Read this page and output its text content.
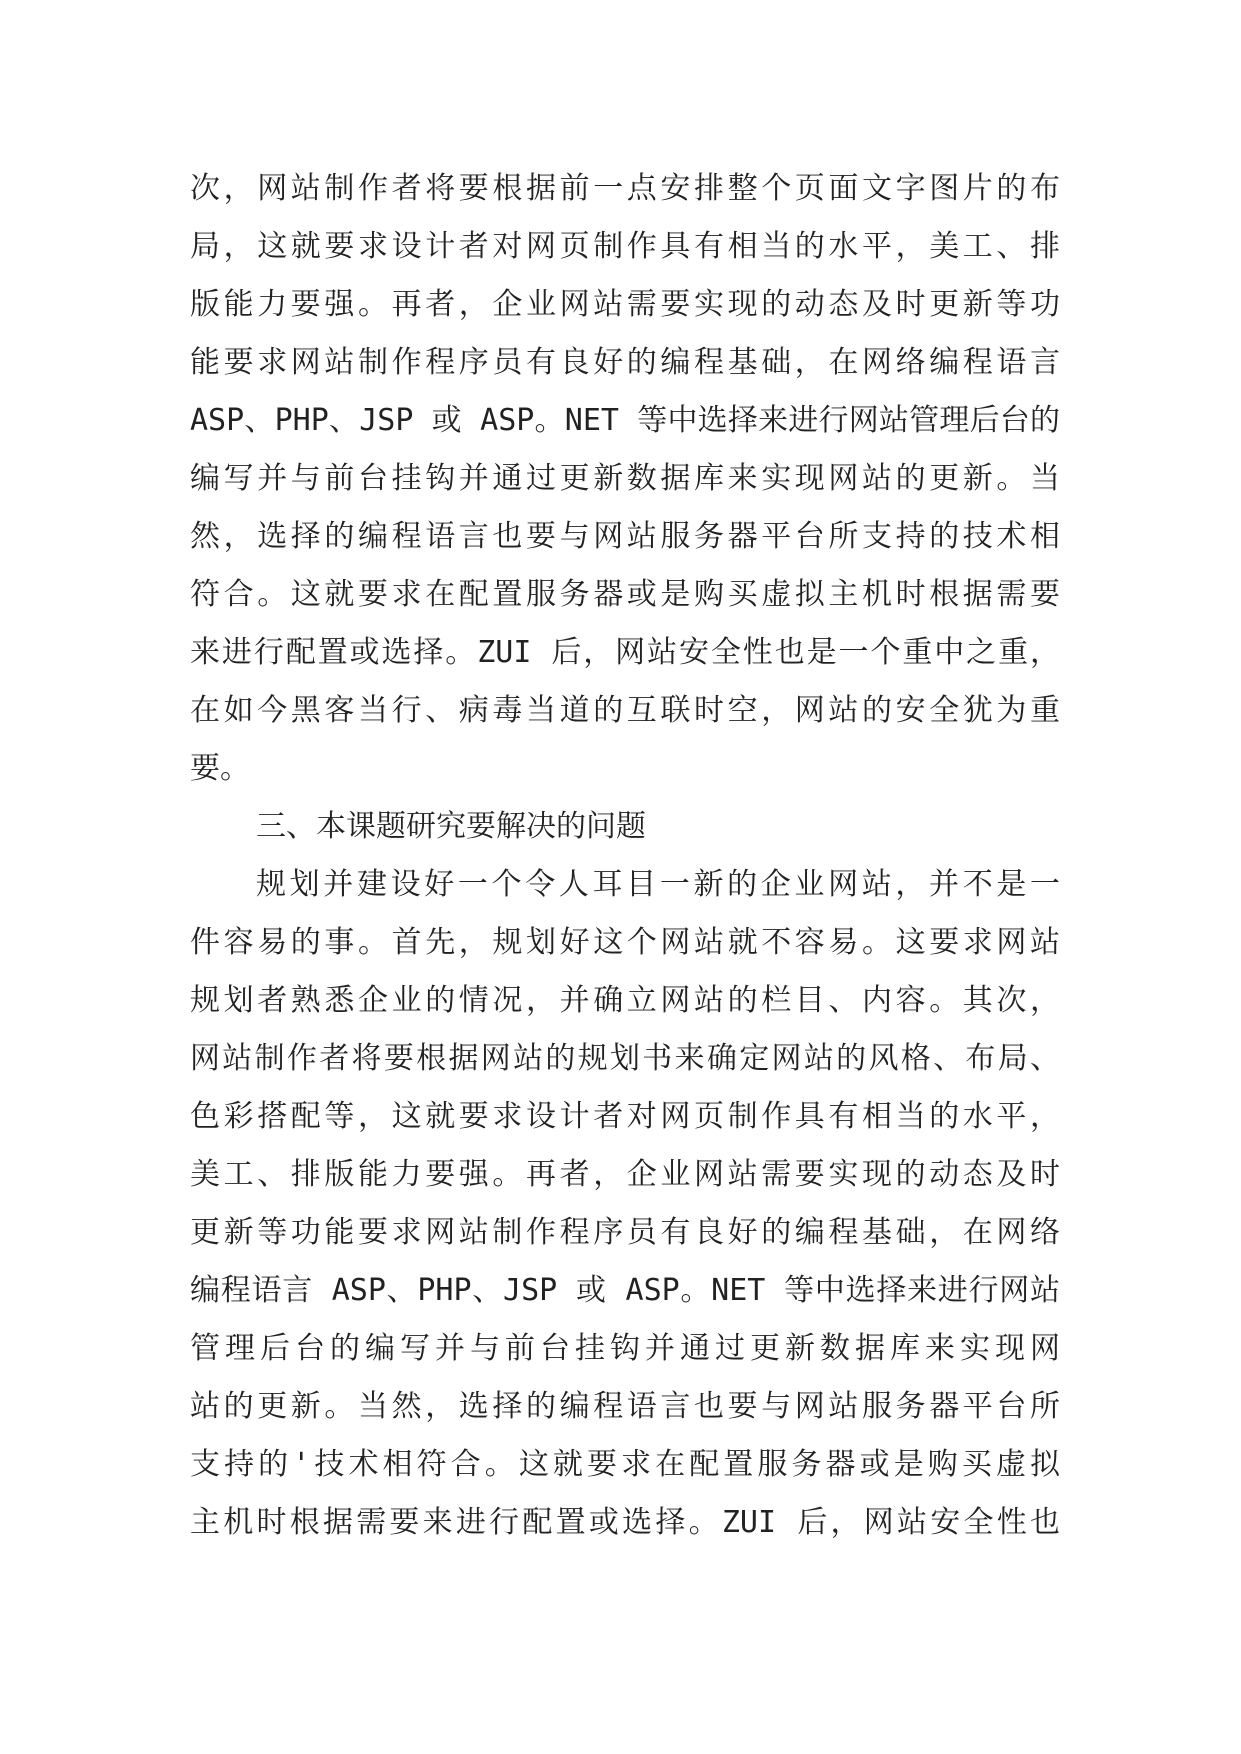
次，网站制作者将要根据前一点安排整个页面文字图片的布
局，这就要求设计者对网页制作具有相当的水平，美工、排
版能力要强。再者，企业网站需要实现的动态及时更新等功
能要求网站制作程序员有良好的编程基础，在网络编程语言
ASP、PHP、JSP 或 ASP。NET 等中选择来进行网站管理后台的
编写并与前台挂钩并通过更新数据库来实现网站的更新。当
然，选择的编程语言也要与网站服务器平台所支持的技术相
符合。这就要求在配置服务器或是购买虚拟主机时根据需要
来进行配置或选择。ZUI 后，网站安全性也是一个重中之重，
在如今黑客当行、病毒当道的互联时空，网站的安全犹为重
要。
三、本课题研究要解决的问题
规划并建设好一个令人耳目一新的企业网站，并不是一
件容易的事。首先，规划好这个网站就不容易。这要求网站
规划者熟悉企业的情况，并确立网站的栏目、内容。其次，
网站制作者将要根据网站的规划书来确定网站的风格、布局、
色彩搭配等，这就要求设计者对网页制作具有相当的水平，
美工、排版能力要强。再者，企业网站需要实现的动态及时
更新等功能要求网站制作程序员有良好的编程基础，在网络
编程语言 ASP、PHP、JSP 或 ASP。NET 等中选择来进行网站
管理后台的编写并与前台挂钩并通过更新数据库来实现网
站的更新。当然，选择的编程语言也要与网站服务器平台所
支持的'技术相符合。这就要求在配置服务器或是购买虚拟
主机时根据需要来进行配置或选择。ZUI 后，网站安全性也
